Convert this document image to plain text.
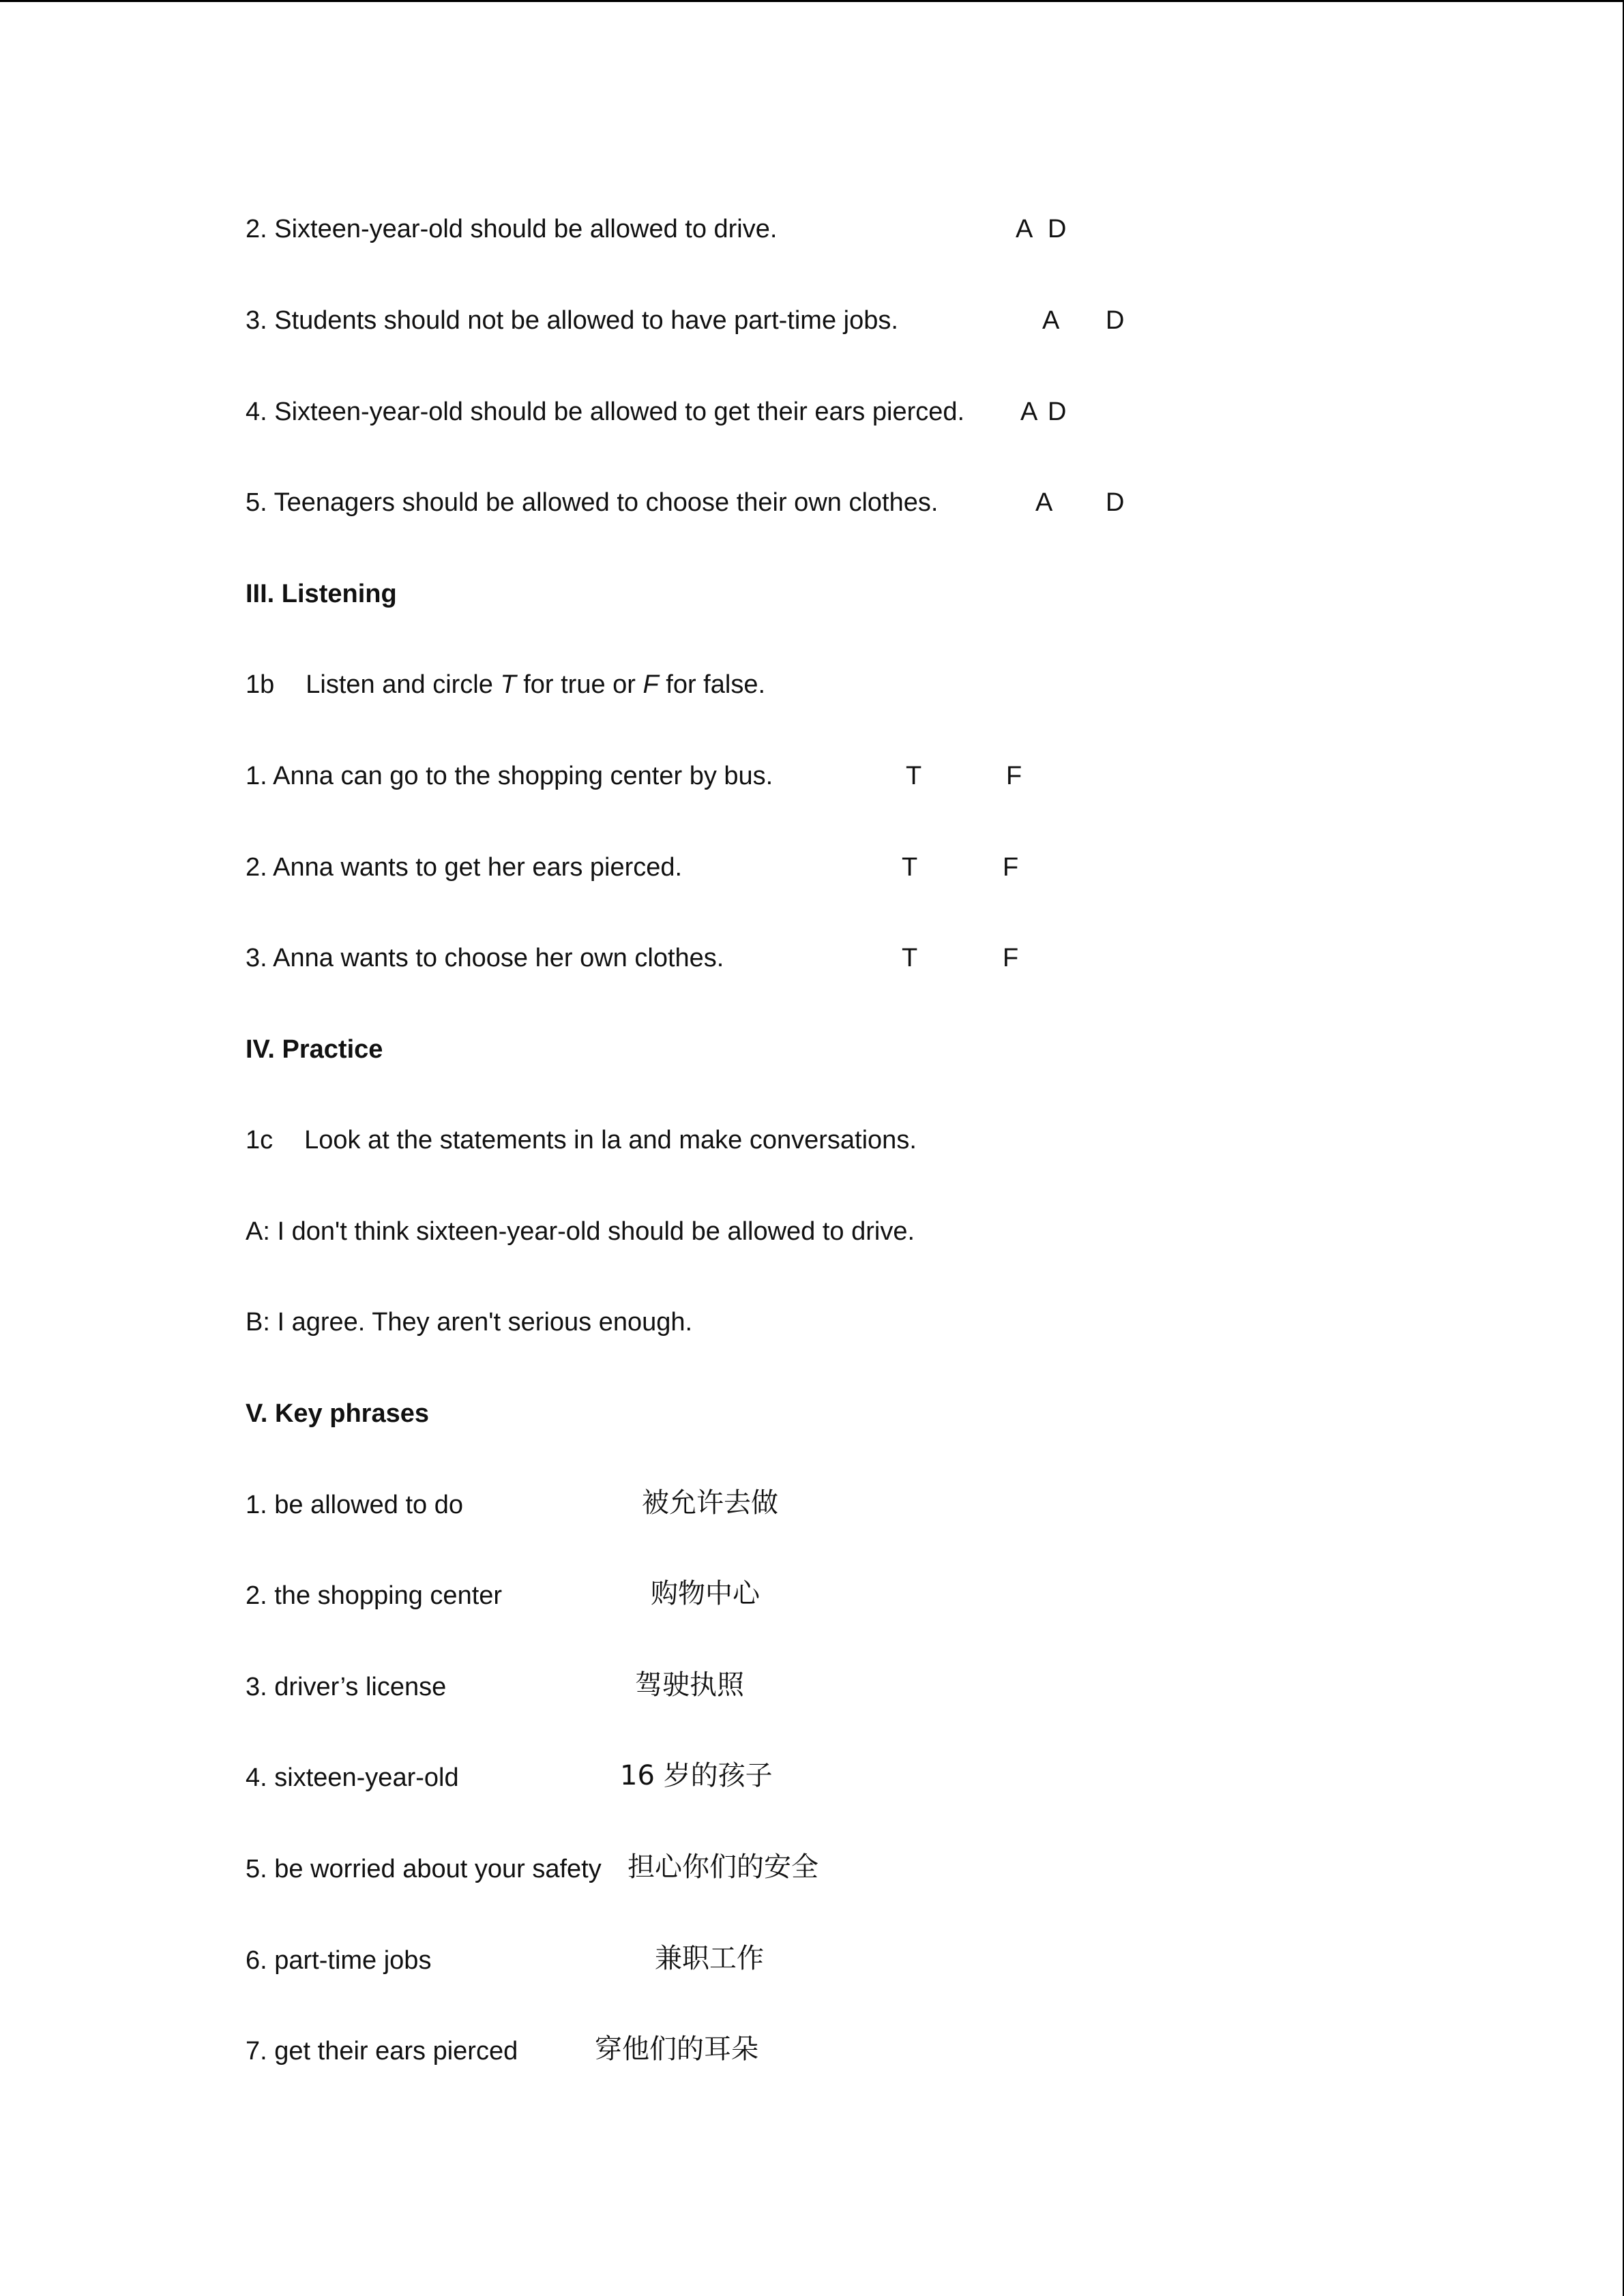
2. Sixteen-year-old should be allowed to drive.	A D
3. Students should not be allowed to have part-time jobs.	A D
4. Sixteen-year-old should be allowed to get their ears pierced. A D
5. Teenagers should be allowed to choose their own clothes.	A D
III. Listening
1b Listen and circle T for true or F for false.
1. Anna can go to the shopping center by bus.	T	F
2. Anna wants to get her ears pierced.	T	F
3. Anna wants to choose her own clothes.	T	F
IV. Practice
1c Look at the statements in la and make conversations.
A: I don't think sixteen-year-old should be allowed to drive.
B: I agree. They aren't serious enough.
V. Key phrases
1. be allowed to do	被允许去做
2. the shopping center	购物中心
3. driver’s license	驾驶执照
4. sixteen-year-old	16 岁的孩子
5. be worried about your safety 担心你们的安全
6. part-time jobs	兼职工作
7. get their ears pierced	穿他们的耳朵
